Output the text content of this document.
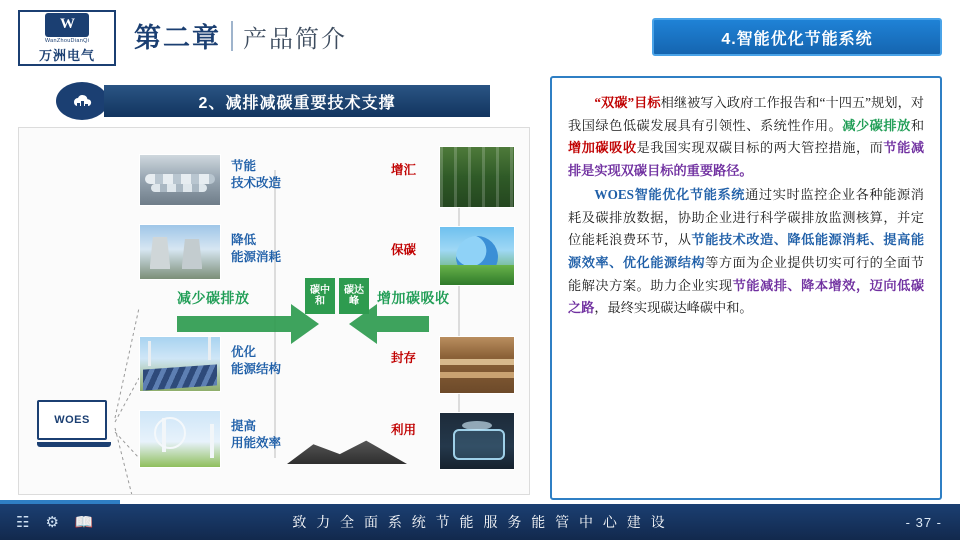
W
WanZhouDianQi
万洲电气
第二章 产品简介	4.智能优化节能系统
2、减排减碳重要技术支撑
WOES
节能
技术改造
降低
能源消耗
优化
能源结构
提高
用能效率
增汇
保碳
封存
利用
减少碳排放	增加碳吸收
碳中和
碳达峰

“双碳”目标相继被写入政府工作报告和“十四五”规划，对我国绿色低碳发展具有引领性、系统性作用。减少碳排放和增加碳吸收是我国实现双碳目标的两大管控措施，而节能减排是实现双碳目标的重要路径。

WOES智能优化节能系统通过实时监控企业各种能源消耗及碳排放数据，协助企业进行科学碳排放监测核算，并定位能耗浪费环节，从节能技术改造、降低能源消耗、提高能源效率、优化能源结构等方面为企业提供切实可行的全面节能解决方案。助力企业实现节能减排、降本增效，迈向低碳之路，最终实现碳达峰碳中和。

☷ ⚙ 📖	致 力 全 面 系 统 节 能 服 务 能 管 中 心 建 设	- 37 -
